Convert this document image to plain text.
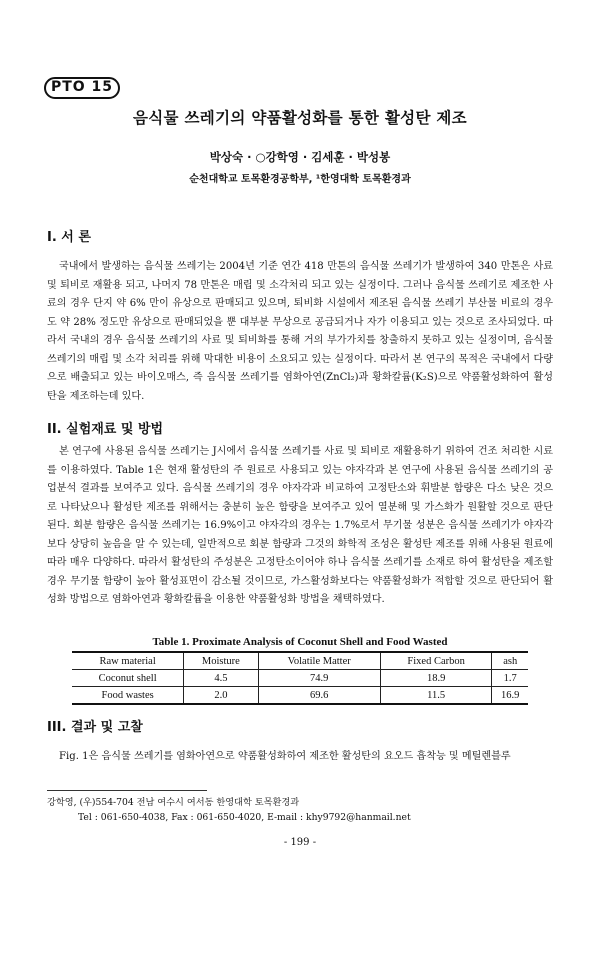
PTO 15
음식물 쓰레기의 약품활성화를 통한 활성탄 제조
박상숙 · ○강학영 · 김세훈 · 박성봉
순천대학교 토목환경공학부, ¹한영대학 토목환경과
I. 서 론

국내에서 발생하는 음식물 쓰레기는 2004년 기준 연간 418 만톤의 음식물 쓰레기가 발생하여 340 만톤은 사료 및 퇴비로 재활용 되고, 나머지 78 만톤은 매립 및 소각처리 되고 있는 실정이다. 그러나 음식물 쓰레기로 제조한 사료의 경우 단지 약 6% 만이 유상으로 판매되고 있으며, 퇴비화 시설에서 제조된 음식물 쓰레기 부산물 비료의 경우도 약 28% 정도만 유상으로 판매되었을 뿐 대부분 무상으로 공급되거나 자가 이용되고 있는 것으로 조사되었다. 따라서 국내의 경우 음식물 쓰레기의 사료 및 퇴비화를 통해 거의 부가가치를 창출하지 못하고 있는 실정이며, 음식물 쓰레기의 매립 및 소각 처리를 위해 막대한 비용이 소요되고 있는 실정이다. 따라서 본 연구의 목적은 국내에서 다량으로 배출되고 있는 바이오매스, 즉 음식물 쓰레기를 염화아연(ZnCl₂)과 황화칼륨(K₂S)으로 약품활성화하여 활성탄을 제조하는데 있다.

II. 실험재료 및 방법

본 연구에 사용된 음식물 쓰레기는 J시에서 음식물 쓰레기를 사료 및 퇴비로 재활용하기 위하여 건조 처리한 시료를 이용하였다. Table 1은 현재 활성탄의 주 원료로 사용되고 있는 야자각과 본 연구에 사용된 음식물 쓰레기의 공업분석 결과를 보여주고 있다. 음식물 쓰레기의 경우 야자각과 비교하여 고정탄소와 휘발분 함량은 다소 낮은 것으로 나타났으나 활성탄 제조를 위해서는 충분히 높은 함량을 보여주고 있어 열분해 및 가스화가 원활할 것으로 판단된다. 회분 함량은 음식물 쓰레기는 16.9%이고 야자각의 경우는 1.7%로서 무기물 성분은 음식물 쓰레기가 야자각보다 상당히 높음을 알 수 있는데, 일반적으로 회분 함량과 그것의 화학적 조성은 활성탄 제조를 위해 사용된 원료에 따라 매우 다양하다. 따라서 활성탄의 주성분은 고정탄소이어야 하나 음식물 쓰레기를 소재로 하여 활성탄을 제조할 경우 무기물 함량이 높아 활성표면이 감소될 것이므로, 가스활성화보다는 약품활성화가 적합할 것으로 판단되어 활성화 방법으로 염화아연과 황화칼륨을 이용한 약품활성화 방법을 채택하였다.

Table 1. Proximate Analysis of Coconut Shell and Food Wasted
Raw material	Moisture	Volatile Matter	Fixed Carbon	ash
Coconut shell	4.5	74.9	18.9	1.7
Food wastes	2.0	69.6	11.5	16.9
III. 결과 및 고찰

Fig. 1은 음식물 쓰레기를 염화아연으로 약품활성화하여 제조한 활성탄의 요오드 흡착능 및 메틸렌블루

강학영, (우)554-704 전남 여수시 여서동 한영대학 토목환경과
Tel : 061-650-4038, Fax : 061-650-4020, E-mail : khy9792@hanmail.net
- 199 -
